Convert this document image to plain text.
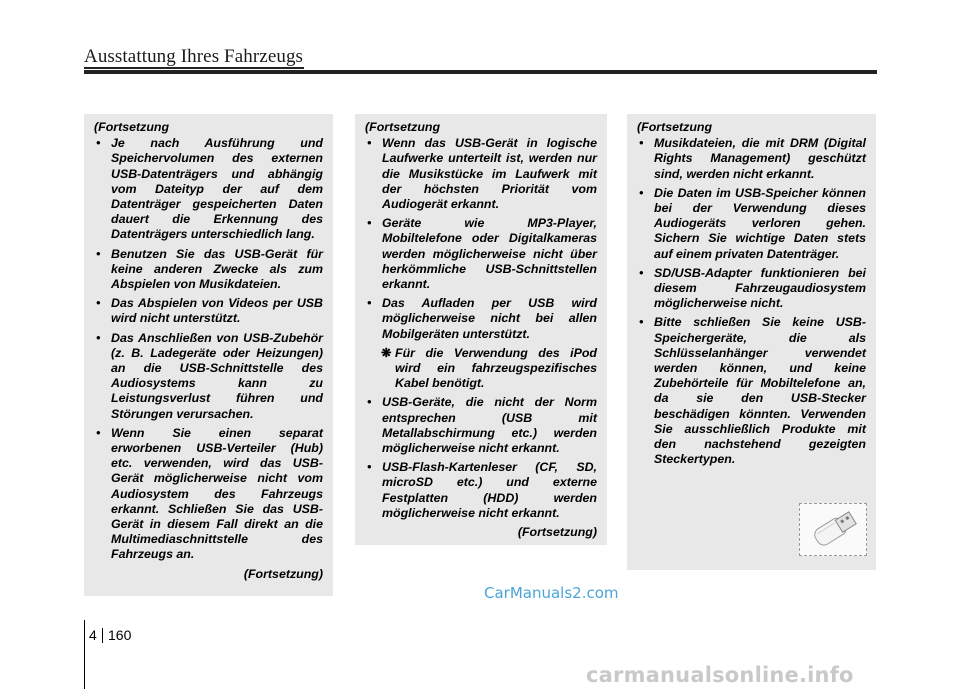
Ausstattung Ihres Fahrzeugs
(Fortsetzung
• Je nach Ausführung und Speichervolumen des externen USB-Datenträgers und abhängig vom Dateityp der auf dem Datenträger gespeicherten Daten dauert die Erkennung des Datenträgers unterschiedlich lang.
• Benutzen Sie das USB-Gerät für keine anderen Zwecke als zum Abspielen von Musikdateien.
• Das Abspielen von Videos per USB wird nicht unterstützt.
• Das Anschließen von USB-Zubehör (z. B. Ladegeräte oder Heizungen) an die USB-Schnittstelle des Audiosystems kann zu Leistungsverlust führen und Störungen verursachen.
• Wenn Sie einen separat erworbenen USB-Verteiler (Hub) etc. verwenden, wird das USB-Gerät möglicherweise nicht vom Audiosystem des Fahrzeugs erkannt. Schließen Sie das USB-Gerät in diesem Fall direkt an die Multimediaschnittstelle des Fahrzeugs an.
(Fortsetzung)
(Fortsetzung
• Wenn das USB-Gerät in logische Laufwerke unterteilt ist, werden nur die Musikstücke im Laufwerk mit der höchsten Priorität vom Audiogerät erkannt.
• Geräte wie MP3-Player, Mobiltelefone oder Digitalkameras werden möglicherweise nicht über herkömmliche USB-Schnittstellen erkannt.
• Das Aufladen per USB wird möglicherweise nicht bei allen Mobilgeräten unterstützt.
❋ Für die Verwendung des iPod wird ein fahrzeugspezifisches Kabel benötigt.
• USB-Geräte, die nicht der Norm entsprechen (USB mit Metallabschirmung etc.) werden möglicherweise nicht erkannt.
• USB-Flash-Kartenleser (CF, SD, microSD etc.) und externe Festplatten (HDD) werden möglicherweise nicht erkannt.
(Fortsetzung)
(Fortsetzung
• Musikdateien, die mit DRM (Digital Rights Management) geschützt sind, werden nicht erkannt.
• Die Daten im USB-Speicher können bei der Verwendung dieses Audiogeräts verloren gehen. Sichern Sie wichtige Daten stets auf einem privaten Datenträger.
• SD/USB-Adapter funktionieren bei diesem Fahrzeugaudiosystem möglicherweise nicht.
• Bitte schließen Sie keine USB-Speichergeräte, die als Schlüsselanhänger verwendet werden können, und keine Zubehörteile für Mobiltelefone an, da sie den USB-Stecker beschädigen könnten. Verwenden Sie ausschließlich Produkte mit den nachstehend gezeigten Steckertypen.
CarManuals2.com
4 160
carmanualsonline.info
